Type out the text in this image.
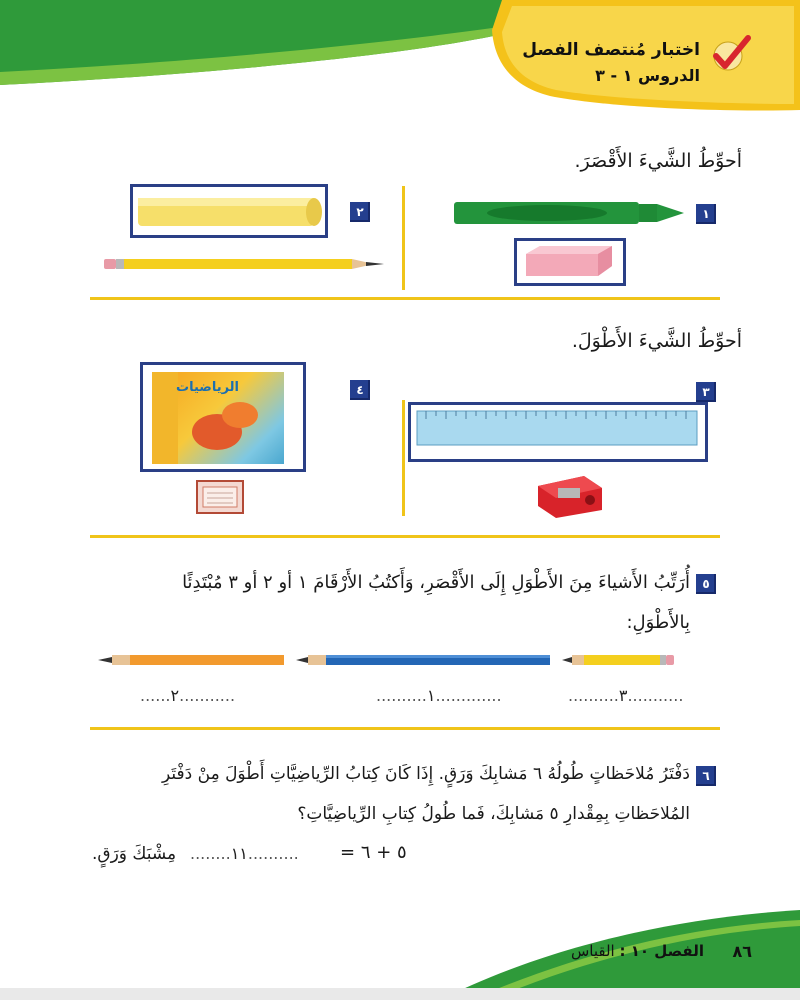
اختبار مُنتصف الفصل
الدروس ١ - ٣
أحوِّطُ الشَّيءَ الأَقْصَرَ.
١
٢
أحوِّطُ الشَّيءَ الأَطْوَلَ.
٣
٤
الرياضيات
٥
أُرَتِّبُ الأَشياءَ مِنَ الأَطْوَلِ إِلَى الأَقْصَرِ، وَأَكتُبُ الأَرْقَامَ ١ أو ٢ أو ٣ مُبْتَدِئًا
بِالأَطْوَلِ:
......٢...........	..........١.............	..........٣...........
٦
دَفْتَرُ مُلاحَظاتٍ طُولُهُ ٦ مَشابِكَ وَرَقٍ. إِذَا كَانَ كِتابُ الرِّياضِيَّاتِ أَطْوَلَ مِنْ دَفْتَرِ
المُلاحَظاتِ بِمِقْدارِ ٥ مَشابِكَ، فَما طُولُ كِتابِ الرِّياضِيَّاتِ؟
٥ + ٦ =
........١١..........
مِشْبَكَ وَرَقٍ.
٨٦
الفصل ١٠ : القياس
